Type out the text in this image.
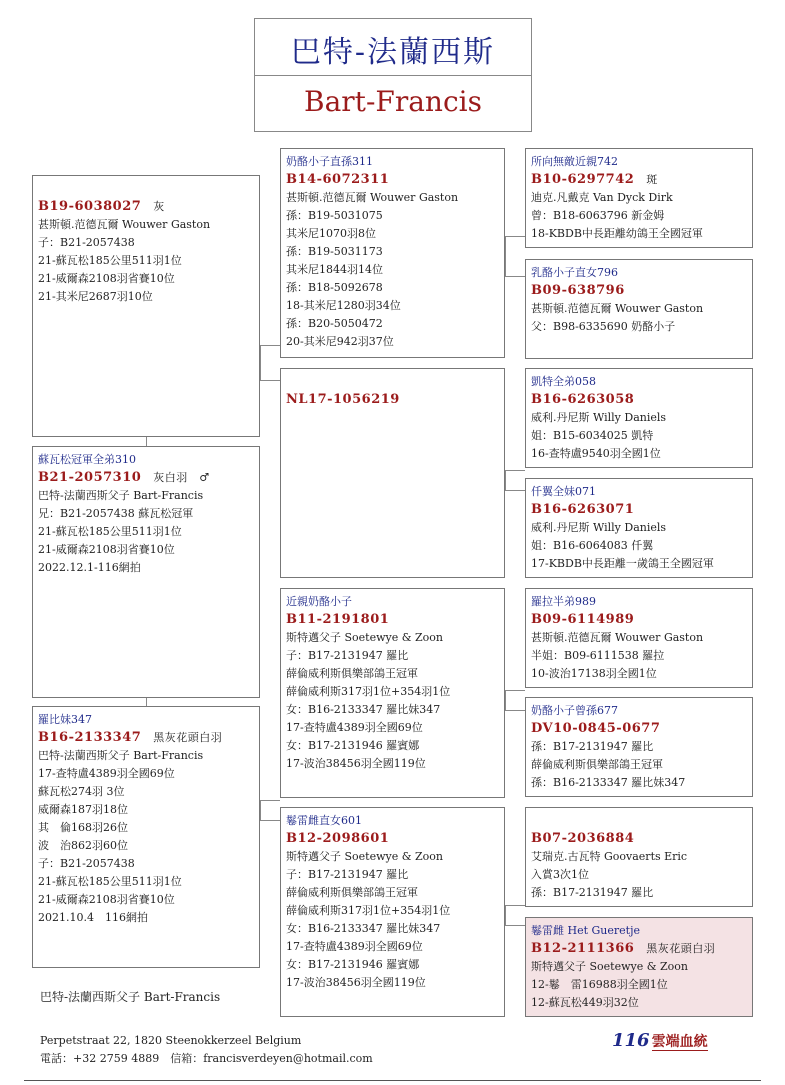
巴特-法蘭西斯
Bart-Francis
B19-6038027 灰
甚斯頓.范德瓦爾 Wouwer Gaston
子：B21-2057438
21-蘇瓦松185公里511羽1位
21-威爾森2108羽省賽10位
21-其米尼2687羽10位
蘇瓦松冠軍全弟310
B21-2057310 灰白羽　♂
巴特-法蘭西斯父子 Bart-Francis
兄：B21-2057438 蘇瓦松冠軍
21-蘇瓦松185公里511羽1位
21-威爾森2108羽省賽10位
2022.12.1-116網拍
羅比妹347
B16-2133347 黑灰花頭白羽
巴特-法蘭西斯父子 Bart-Francis
17-查特盧4389羽全國69位
蘇瓦松274羽 3位
威爾森187羽18位
其　倫168羽26位
波　治862羽60位
子：B21-2057438
21-蘇瓦松185公里511羽1位
21-威爾森2108羽省賽10位
2021.10.4　116網拍
奶酪小子直孫311
B14-6072311
甚斯頓.范德瓦爾 Wouwer Gaston
孫：B19-5031075
其米尼1070羽8位
孫：B19-5031173
其米尼1844羽14位
孫：B18-5092678
18-其米尼1280羽34位
孫：B20-5050472
20-其米尼942羽37位
NL17-1056219
近親奶酪小子
B11-2191801
斯特邁父子 Soetewye & Zoon
子：B17-2131947 羅比
薛倫威利斯俱樂部鴿王冠軍
薛倫威利斯317羽1位+354羽1位
女：B16-2133347 羅比妹347
17-查特盧4389羽全國69位
女：B17-2131946 羅賓娜
17-波治38456羽全國119位
鬈雷雌直女601
B12-2098601
斯特邁父子 Soetewye & Zoon
子：B17-2131947 羅比
薛倫威利斯俱樂部鴿王冠軍
薛倫威利斯317羽1位+354羽1位
女：B16-2133347 羅比妹347
17-查特盧4389羽全國69位
女：B17-2131946 羅賓娜
17-波治38456羽全國119位
所向無敵近親742
B10-6297742 斑
迪克.凡戴克 Van Dyck Dirk
曾：B18-6063796 新金姆
18-KBDB中長距離幼鴿王全國冠軍
乳酪小子直女796
B09-638796
甚斯頓.范德瓦爾 Wouwer Gaston
父：B98-6335690 奶酪小子
凱特全弟058
B16-6263058
威利.丹尼斯 Willy Daniels
姐：B15-6034025 凱特
16-查特盧9540羽全國1位
仟翼全妹071
B16-6263071
威利.丹尼斯 Willy Daniels
姐：B16-6064083 仟翼
17-KBDB中長距離一歲鴿王全國冠軍
羅拉半弟989
B09-6114989
甚斯頓.范德瓦爾 Wouwer Gaston
半姐：B09-6111538 羅拉
10-波治17138羽全國1位
奶酪小子曾孫677
DV10-0845-0677
孫：B17-2131947 羅比
薛倫威利斯俱樂部鴿王冠軍
孫：B16-2133347 羅比妹347
B07-2036884
艾瑞克.古瓦特 Goovaerts Eric
入賞3次1位
孫：B17-2131947 羅比
鬈雷雌 Het Gueretje
B12-2111366 黑灰花頭白羽
斯特邁父子 Soetewye & Zoon
12-鬈　雷16988羽全國1位
12-蘇瓦松449羽32位
巴特-法蘭西斯父子 Bart-Francis
Perpetstraat 22, 1820 Steenokkerzeel Belgium
電話：+32 2759 4889　信箱：francisverdeyen@hotmail.com
116 雲端血統
